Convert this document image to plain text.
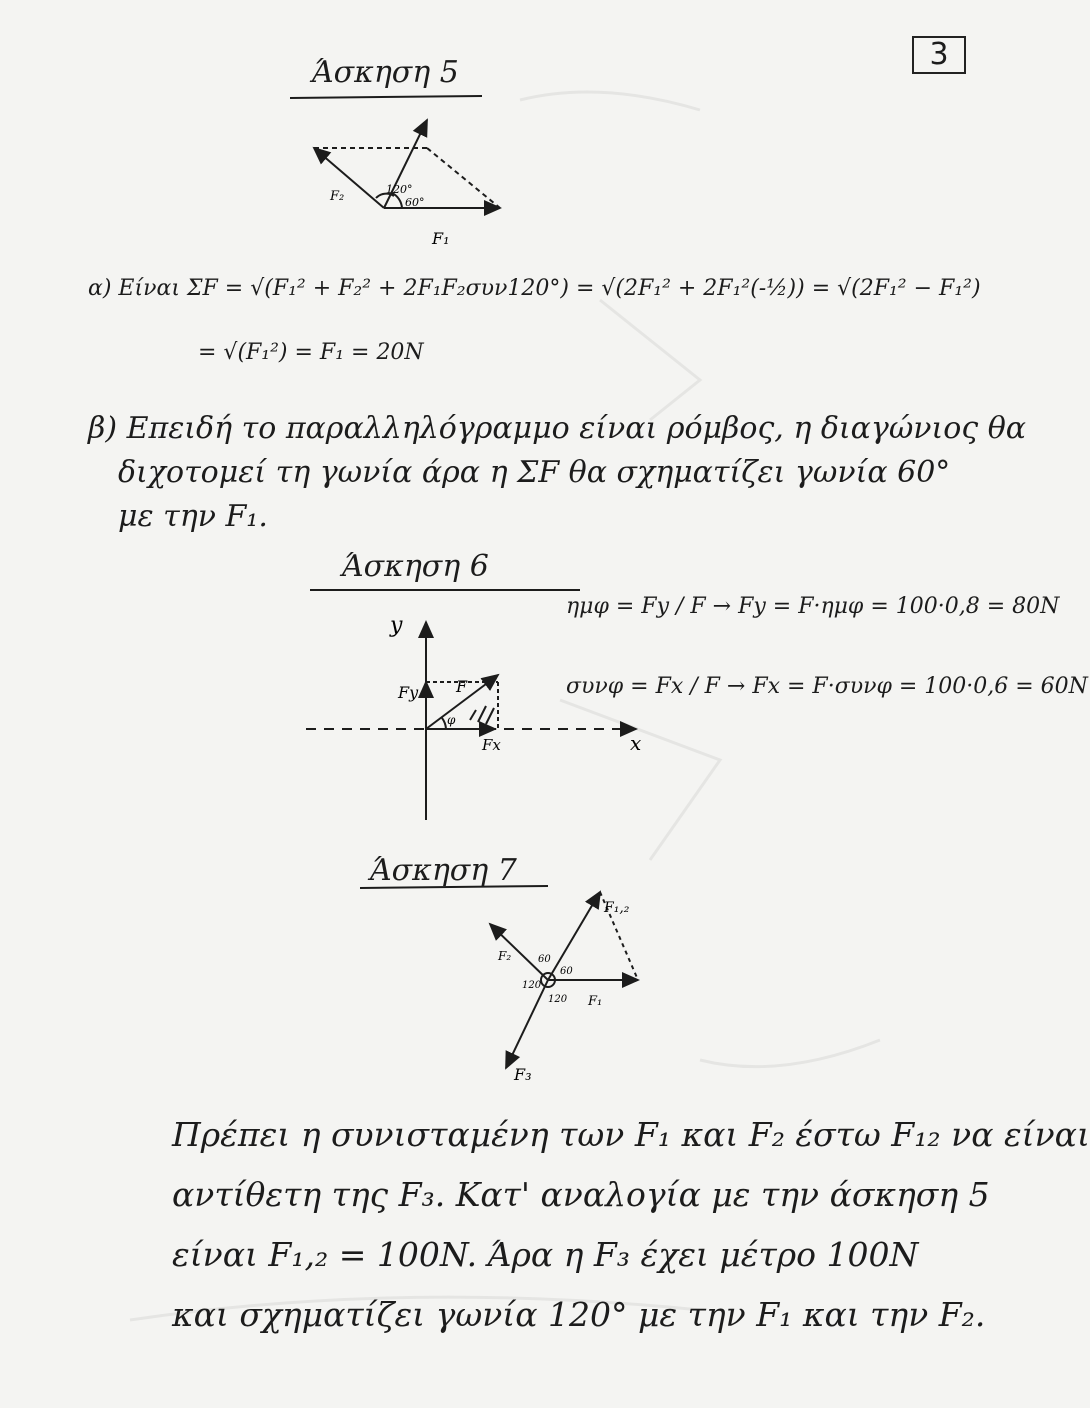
3
Άσκηση 5
F₂
F₁
120°
60°
α) Είναι ΣF = √(F₁² + F₂² + 2F₁F₂συν120°) = √(2F₁² + 2F₁²(-½)) = √(2F₁² − F₁²)
= √(F₁²) = F₁ = 20N
β) Επειδή το παραλληλόγραμμο είναι ρόμβος, η διαγώνιος θα
διχοτομεί τη γωνία άρα η ΣF θα σχηματίζει γωνία 60°
με την F₁.
Άσκηση 6
y
x
Fy F
Fx
φ
ημφ = Fy / F → Fy = F·ημφ = 100·0,8 = 80N
συνφ = Fx / F → Fx = F·συνφ = 100·0,6 = 60N
Άσκηση 7
F₁,₂
F₂
F₁
F₃
60
60
120
120
Πρέπει η συνισταμένη των F₁ και F₂ έστω F₁₂ να είναι
αντίθετη της F₃. Κατ' αναλογία με την άσκηση 5
είναι F₁,₂ = 100N. Άρα η F₃ έχει μέτρο 100N
και σχηματίζει γωνία 120° με την F₁ και την F₂.
